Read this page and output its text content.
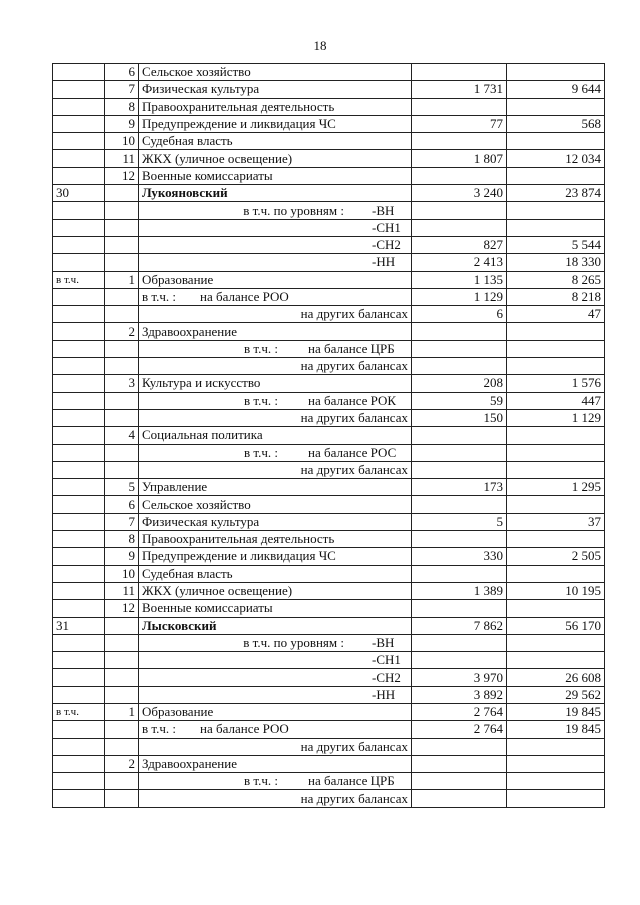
18
	6	Сельское хозяйство		
	7	Физическая культура	1 731	9 644
	8	Правоохранительная деятельность		
	9	Предупреждение и ликвидация ЧС	77	568
	10	Судебная власть		
	11	ЖКХ (уличное освещение)	1 807	12 034
	12	Военные комиссариаты		
30		Лукояновский	3 240	23 874

		в т.ч. по уровням : -ВН		

		-СН1		

		-СН2	827	5 544

		-НН	2 413	18 330
в т.ч.	1	Образование	1 135	8 265

		в т.ч. : на балансе РОО	1 129	8 218
		на других балансах	6	47
	2	Здравоохранение		

		в т.ч. : на балансе ЦРБ		

		на других балансах		
	3	Культура и искусство	208	1 576

		в т.ч. : на балансе РОК	59	447
		на других балансах	150	1 129
	4	Социальная политика		

		в т.ч. : на балансе РОС		

		на других балансах		
	5	Управление	173	1 295
	6	Сельское хозяйство		
	7	Физическая культура	5	37
	8	Правоохранительная деятельность		
	9	Предупреждение и ликвидация ЧС	330	2 505
	10	Судебная власть		
	11	ЖКХ (уличное освещение)	1 389	10 195
	12	Военные комиссариаты		
31		Лысковский	7 862	56 170

		в т.ч. по уровням : -ВН		

		-СН1		

		-СН2	3 970	26 608

		-НН	3 892	29 562
в т.ч.	1	Образование	2 764	19 845

		в т.ч. : на балансе РОО	2 764	19 845
		на других балансах		
	2	Здравоохранение		

		в т.ч. : на балансе ЦРБ		

		на других балансах		
